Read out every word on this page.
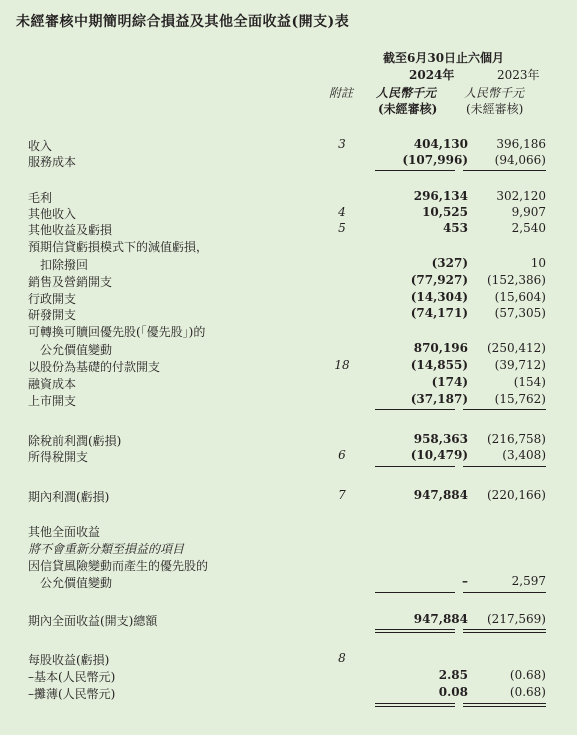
未經審核中期簡明綜合損益及其他全面收益(開支)表
截至6月30日止六個月
2024年	2023年
附註 人民幣千元 人民幣千元
(未經審核) (未經審核)
收入	3	404,130 396,186
服務成本	(107,996) (94,066)
毛利	296,134 302,120
其他收入	4	10,525	9,907
其他收益及虧損	5	453	2,540
預期信貸虧損模式下的減值虧損，
扣除撥回	(327)	10
銷售及營銷開支	(77,927) (152,386)
行政開支	(14,304) (15,604)
研發開支	(74,171) (57,305)
可轉換可贖回優先股(「優先股」)的
公允價值變動	870,196 (250,412)
以股份為基礎的付款開支	18	(14,855) (39,712)
融資成本	(174)	(154)
上市開支	(37,187) (15,762)
除稅前利潤(虧損)	958,363 (216,758)
所得稅開支	6	(10,479)	(3,408)
期內利潤(虧損)	7	947,884 (220,166)
其他全面收益
將不會重新分類至損益的項目
因信貸風險變動而產生的優先股的
公允價值變動	–	2,597
期內全面收益(開支)總額	947,884 (217,569)
每股收益(虧損)	8
–基本(人民幣元)	2.85	(0.68)
–攤薄(人民幣元)	0.08	(0.68)
